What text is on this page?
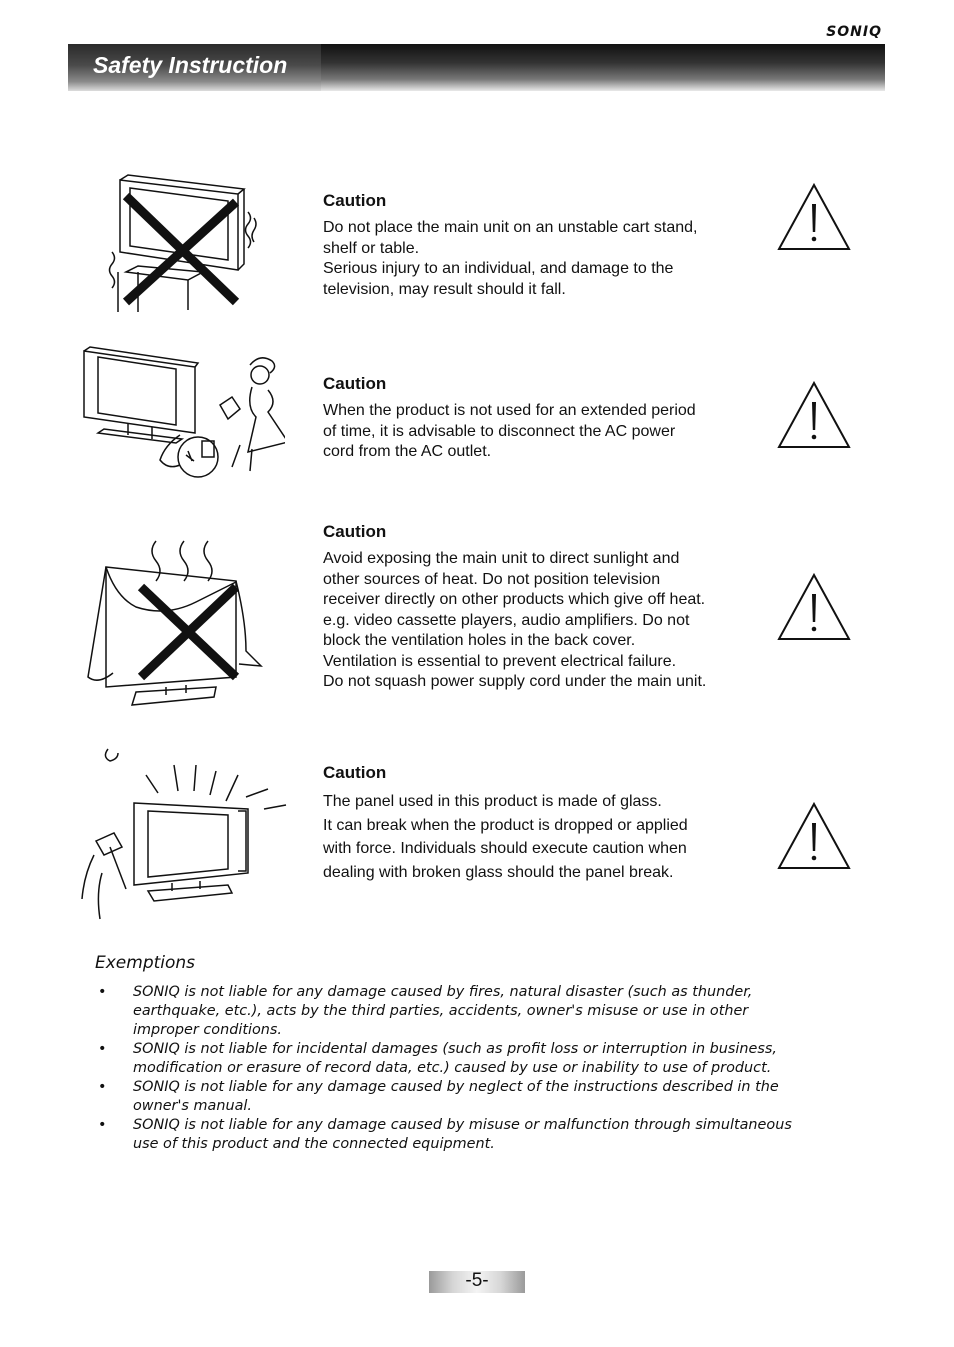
SONIQ
Safety Instruction
Caution
Do not place the main unit on an unstable cart stand,
shelf or table.
Serious injury to an individual, and damage to the
television, may result should it fall.
Caution
When the product is not used for an extended period
of time, it is advisable to disconnect the AC power
cord from the AC outlet.
Caution
Avoid exposing the main unit to direct sunlight and
other sources of heat. Do not position television
receiver directly on other products which give off heat.
e.g. video cassette players, audio amplifiers. Do not
block the ventilation holes in the back cover.
Ventilation is essential to prevent electrical failure.
Do not squash power supply cord under the main unit.
Caution
The panel used in this product is made of glass.
It can break when the product is dropped or applied
with force. Individuals should execute caution when
dealing with broken glass should the panel break.
Exemptions
• SONIQ is not liable for any damage caused by fires, natural disaster (such as thunder,
earthquake, etc.), acts by the third parties, accidents, owner's misuse or use in other
improper conditions.
• SONIQ is not liable for incidental damages (such as profit loss or interruption in business,
modification or erasure of record data, etc.) caused by use or inability to use of product.
• SONIQ is not liable for any damage caused by neglect of the instructions described in the
owner's manual.
• SONIQ is not liable for any damage caused by misuse or malfunction through simultaneous
use of this product and the connected equipment.
-5-
